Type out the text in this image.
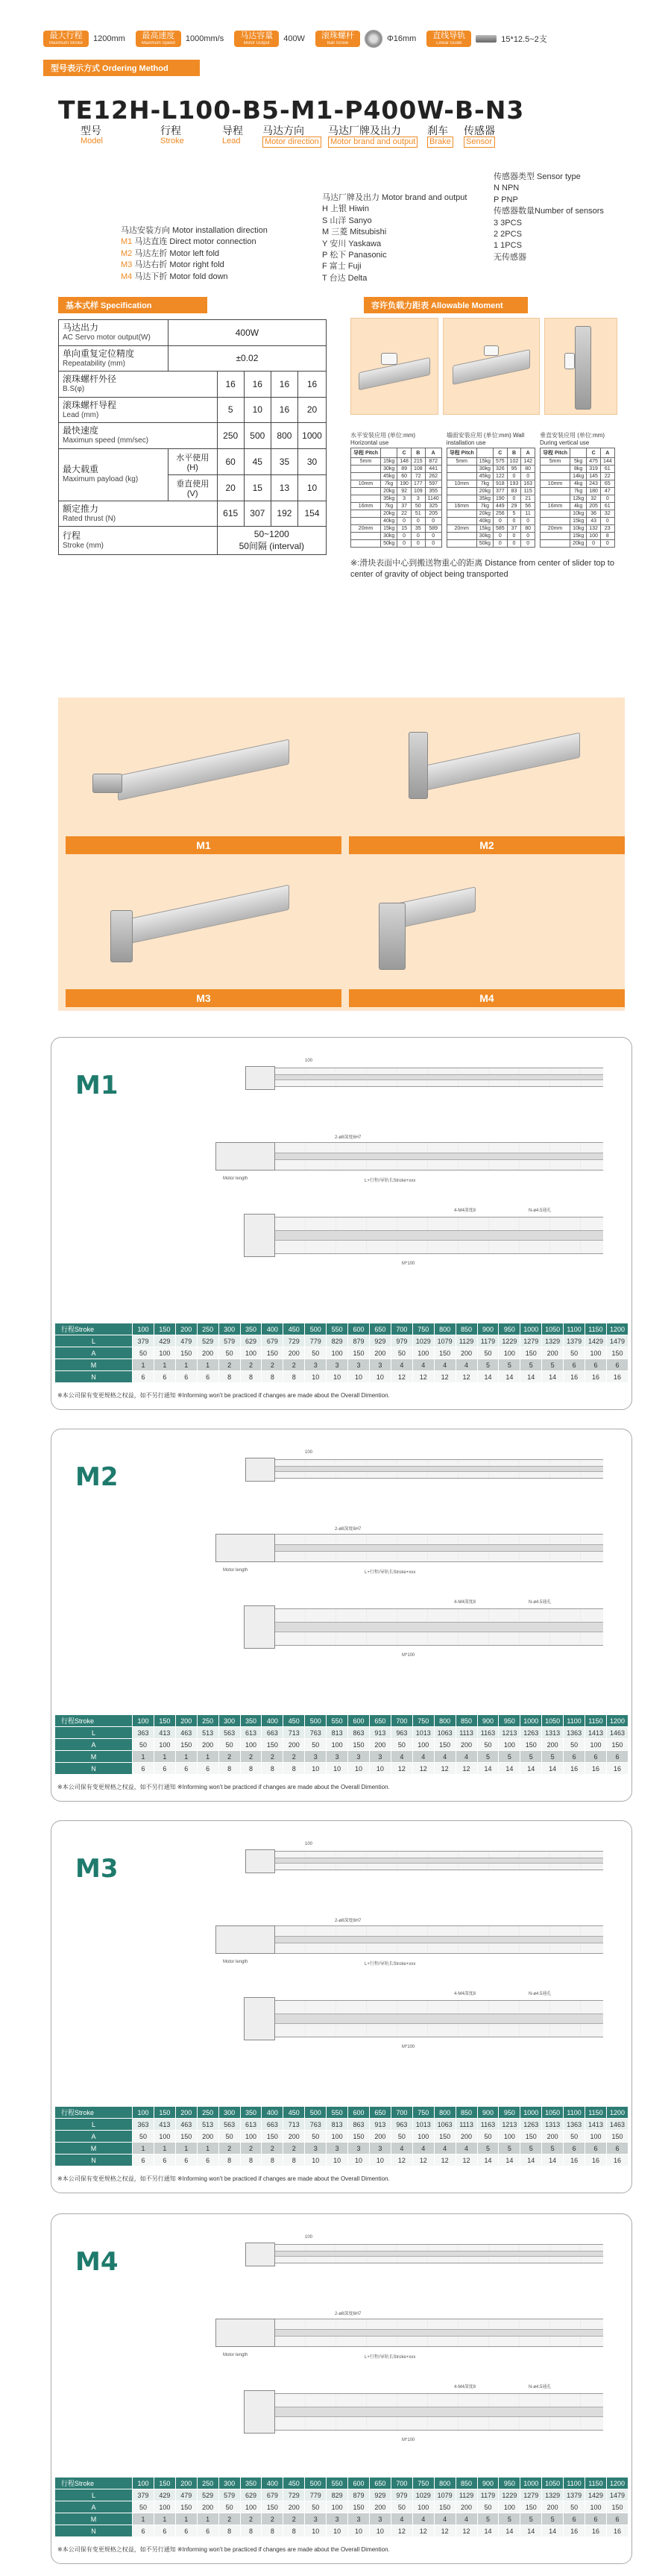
最大行程
Maximum Stroke 1200mm	最高速度
Maximum Speed 1000mm/s	马达容量
Motor Output	400W	滚珠螺杆
Ball Screw	Φ16mm	直线导轨
Linear Guide	15*12.5~2支
型号表示方式 Ordering Method
TE12H-L100-B5-M1-P400W-B-N3
型号
Model
行程
Stroke
导程
Lead
马达方向
Motor direction
马达厂牌及出力
Motor brand and output
刹车
Brake
传感器
Sensor
马达安装方向 Motor installation direction
M1 马达直连 Direct motor connection
M2 马达左折 Motor left fold
M3 马达右折 Motor right fold
M4 马达下折 Motor fold down
马达厂牌及出力 Motor brand and output
H 上银 Hiwin
S 山洋 Sanyo
M 三菱 Mitsubishi
Y 安川 Yaskawa
P 松下 Panasonic
F 富士 Fuji
T 台达 Delta
传感器类型 Sensor type
N NPN
P PNP
传感器数量Number of sensors
3 3PCS
2 2PCS
1 1PCS
无传感器
基本式样 Specification	容许负载力距表 Allowable Moment
马达出力
AC Servo motor output(W)	400W				
单向重复定位精度
Repeatability (mm)	±0.02				
滚珠螺杆外径
B.S(φ)		16	16	16	16
滚珠螺杆导程
Lead (mm)		5	10	16	20
最快速度
Maximun speed (mm/sec)		250	500	800	1000
最大载重
Maximum payload (kg)	水平使用
(H)	60	45	35	30
	垂直使用
(V)	20	15	13	10
额定推力
Rated thrust (N)		615	307	192	154
行程
Stroke (mm)		50~1200
50间隔 (interval)			
水平安装应用 (单位:mm) Horizontal use
导程 Pitch		C	B	A
5mm	15kg	148	215	872
	30kg	89	108	441
	45kg	60	72	262
10mm	7kg	190	177	597
	20kg	92	109	355
	35kg	3	3	1140
16mm	7kg	37	50	325
	20kg	22	51	205
	40kg	0	0	0
20mm	15kg	15	35	589
	30kg	0	0	0
	50kg	0	0	0
墙面安装应用 (单位:mm) Wall installation use
导程 Pitch		C	B	A
5mm	15kg	575	102	142
	30kg	326	95	80
	45kg	122	0	0
10mm	7kg	918	193	163
	20kg	377	83	115
	35kg	190	0	21
16mm	7kg	449	29	56
	20kg	256	5	11
	40kg	0	0	0
20mm	15kg	585	37	80
	30kg	0	0	0
	50kg	0	0	0
垂直安装应用 (单位:mm) During vertical use
导程 Pitch		C	A
5mm	5kg	475	144
	8kg	319	61
	14kg	145	22
10mm	4kg	243	65
	7kg	180	47
	12kg	32	0
16mm	4kg	205	61
	10kg	36	32
	15kg	43	0
20mm	10kg	132	23
	15kg	100	8
	20kg	0	0
※:滑块表面中心到搬送物重心的距离 Distance from center of slider top to center of gravity of object being transported
M1	M2
M3	M4
M1
100
L+行程/导轨长Stroke+xxx
Motor length
2-ø8深度6H7
4-M4深度8
M*100
N-ø4.5通孔
行程Stroke	100	150	200	250	300	350	400	450	500	550	600	650	700	750	800	850	900	950	1000	1050	1100	1150	1200
L	379	429	479	529	579	629	679	729	779	829	879	929	979	1029	1079	1129	1179	1229	1279	1329	1379	1429	1479
A	50	100	150	200	50	100	150	200	50	100	150	200	50	100	150	200	50	100	150	200	50	100	150
M	1	1	1	1	2	2	2	2	3	3	3	3	4	4	4	4	5	5	5	5	6	6	6
N	6	6	6	6	8	8	8	8	10	10	10	10	12	12	12	12	14	14	14	14	16	16	16
※本公司保有变更规格之权益，如不另行通知 ※Informing won't be practiced if changes are made about the Overall Dimention.
M2
100
L+行程/导轨长Stroke+xxx
Motor length
2-ø8深度6H7
4-M4深度8
M*100
N-ø4.5通孔
行程Stroke	100	150	200	250	300	350	400	450	500	550	600	650	700	750	800	850	900	950	1000	1050	1100	1150	1200
L	363	413	463	513	563	613	663	713	763	813	863	913	963	1013	1063	1113	1163	1213	1263	1313	1363	1413	1463
A	50	100	150	200	50	100	150	200	50	100	150	200	50	100	150	200	50	100	150	200	50	100	150
M	1	1	1	1	2	2	2	2	3	3	3	3	4	4	4	4	5	5	5	5	6	6	6
N	6	6	6	6	8	8	8	8	10	10	10	10	12	12	12	12	14	14	14	14	16	16	16
※本公司保有变更规格之权益，如不另行通知 ※Informing won't be practiced if changes are made about the Overall Dimention.
M3
100
L+行程/导轨长Stroke+xxx
Motor length
2-ø8深度6H7
4-M4深度8
M*100
N-ø4.5通孔
行程Stroke	100	150	200	250	300	350	400	450	500	550	600	650	700	750	800	850	900	950	1000	1050	1100	1150	1200
L	363	413	463	513	563	613	663	713	763	813	863	913	963	1013	1063	1113	1163	1213	1263	1313	1363	1413	1463
A	50	100	150	200	50	100	150	200	50	100	150	200	50	100	150	200	50	100	150	200	50	100	150
M	1	1	1	1	2	2	2	2	3	3	3	3	4	4	4	4	5	5	5	5	6	6	6
N	6	6	6	6	8	8	8	8	10	10	10	10	12	12	12	12	14	14	14	14	16	16	16
※本公司保有变更规格之权益，如不另行通知 ※Informing won't be practiced if changes are made about the Overall Dimention.
M4
100
L+行程/导轨长Stroke+xxx
Motor length
2-ø8深度6H7
4-M4深度8
M*100
N-ø4.5通孔
行程Stroke	100	150	200	250	300	350	400	450	500	550	600	650	700	750	800	850	900	950	1000	1050	1100	1150	1200
L	379	429	479	529	579	629	679	729	779	829	879	929	979	1029	1079	1129	1179	1229	1279	1329	1379	1429	1479
A	50	100	150	200	50	100	150	200	50	100	150	200	50	100	150	200	50	100	150	200	50	100	150
M	1	1	1	1	2	2	2	2	3	3	3	3	4	4	4	4	5	5	5	5	6	6	6
N	6	6	6	6	8	8	8	8	10	10	10	10	12	12	12	12	14	14	14	14	16	16	16
※本公司保有变更规格之权益，如不另行通知 ※Informing won't be practiced if changes are made about the Overall Dimention.
